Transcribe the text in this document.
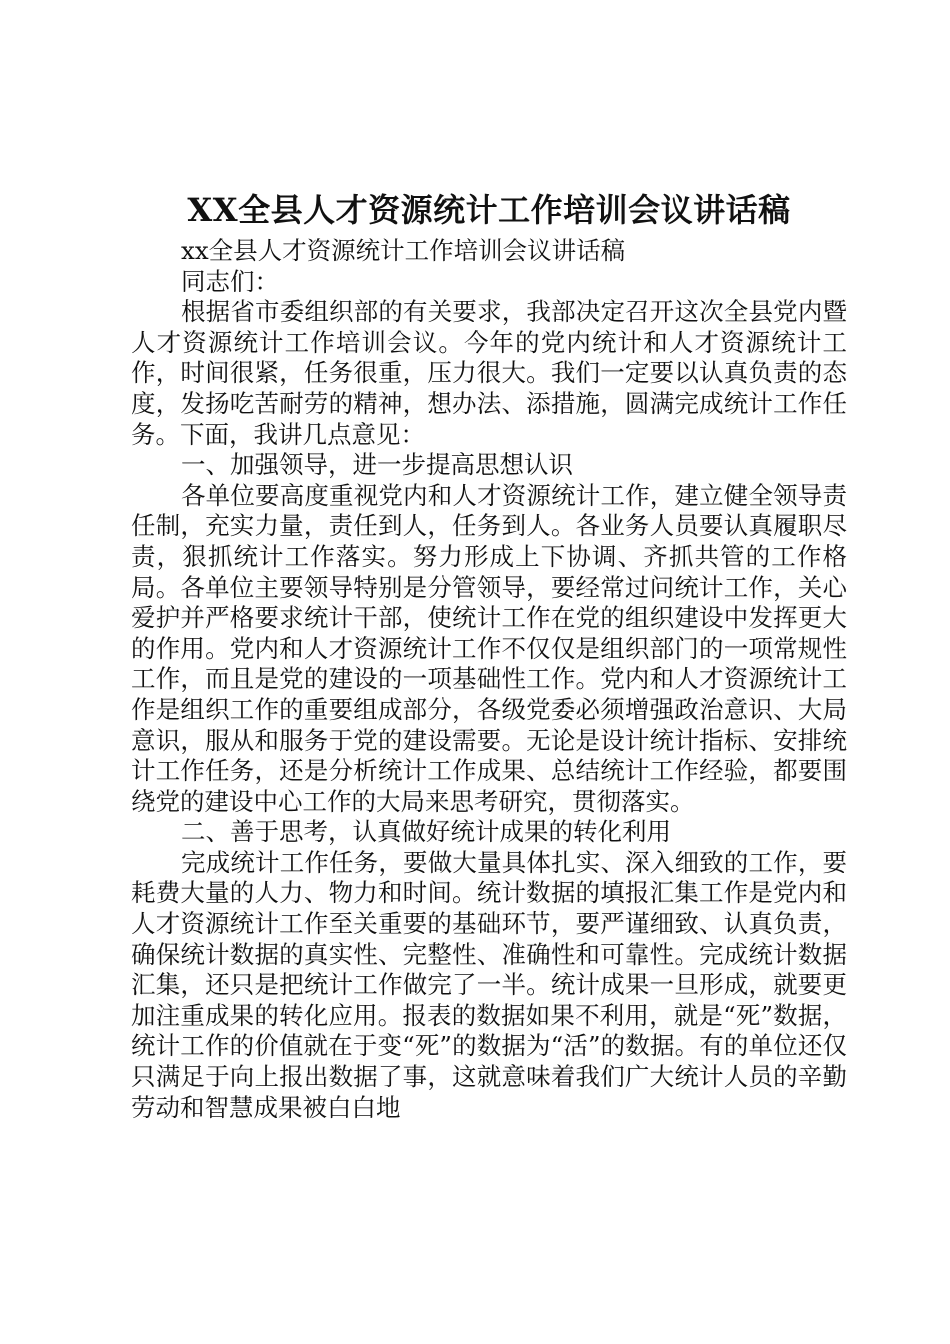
XX全县人才资源统计工作培训会议讲话稿

xx全县人才资源统计工作培训会议讲话稿

同志们：

根据省市委组织部的有关要求，我部决定召开这次全县党内暨人才资源统计工作培训会议。今年的党内统计和人才资源统计工作，时间很紧，任务很重，压力很大。我们一定要以认真负责的态度，发扬吃苦耐劳的精神，想办法、添措施，圆满完成统计工作任务。下面，我讲几点意见：

一、加强领导，进一步提高思想认识

各单位要高度重视党内和人才资源统计工作，建立健全领导责任制，充实力量，责任到人，任务到人。各业务人员要认真履职尽责，狠抓统计工作落实。努力形成上下协调、齐抓共管的工作格局。各单位主要领导特别是分管领导，要经常过问统计工作，关心爱护并严格要求统计干部，使统计工作在党的组织建设中发挥更大的作用。党内和人才资源统计工作不仅仅是组织部门的一项常规性工作，而且是党的建设的一项基础性工作。党内和人才资源统计工作是组织工作的重要组成部分，各级党委必须增强政治意识、大局意识，服从和服务于党的建设需要。无论是设计统计指标、安排统计工作任务，还是分析统计工作成果、总结统计工作经验，都要围绕党的建设中心工作的大局来思考研究，贯彻落实。

二、善于思考，认真做好统计成果的转化利用

完成统计工作任务，要做大量具体扎实、深入细致的工作，要耗费大量的人力、物力和时间。统计数据的填报汇集工作是党内和人才资源统计工作至关重要的基础环节，要严谨细致、认真负责，确保统计数据的真实性、完整性、准确性和可靠性。完成统计数据汇集，还只是把统计工作做完了一半。统计成果一旦形成，就要更加注重成果的转化应用。报表的数据如果不利用，就是“死”数据，统计工作的价值就在于变“死”的数据为“活”的数据。有的单位还仅只满足于向上报出数据了事，这就意味着我们广大统计人员的辛勤劳动和智慧成果被白白地
